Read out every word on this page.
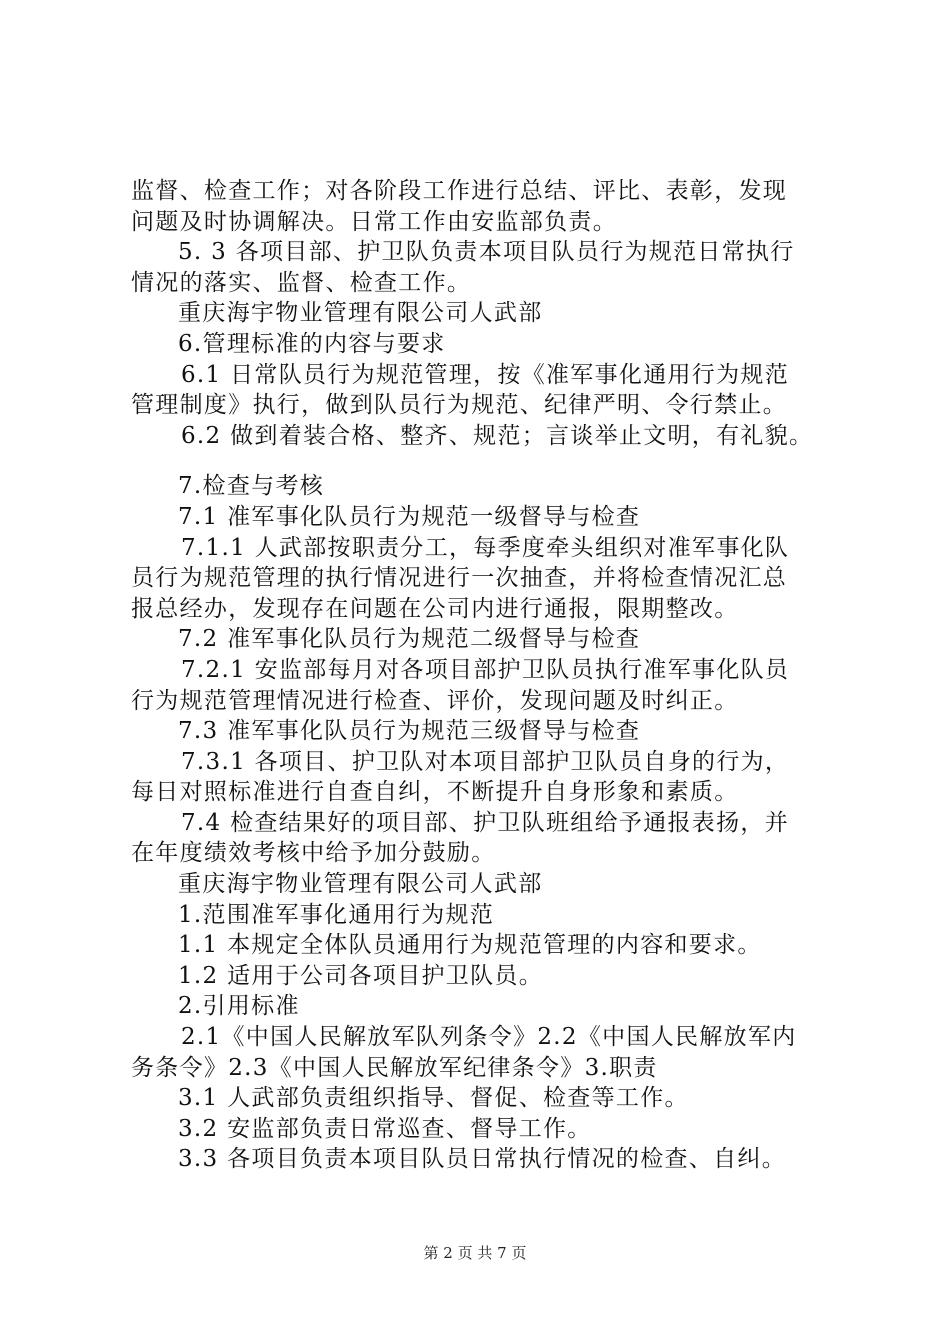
监督、检查工作；对各阶段工作进行总结、评比、表彰，发现
问题及时协调解决。日常工作由安监部负责。
5. 3 各项目部、护卫队负责本项目队员行为规范日常执行
情况的落实、监督、检查工作。
重庆海宇物业管理有限公司人武部
6.管理标准的内容与要求
6.1 日常队员行为规范管理，按《准军事化通用行为规范
管理制度》执行，做到队员行为规范、纪律严明、令行禁止。
6.2 做到着装合格、整齐、规范；言谈举止文明，有礼貌。
7.检查与考核
7.1 准军事化队员行为规范一级督导与检查
7.1.1 人武部按职责分工，每季度牵头组织对准军事化队
员行为规范管理的执行情况进行一次抽查，并将检查情况汇总
报总经办，发现存在问题在公司内进行通报，限期整改。
7.2 准军事化队员行为规范二级督导与检查
7.2.1 安监部每月对各项目部护卫队员执行准军事化队员
行为规范管理情况进行检查、评价，发现问题及时纠正。
7.3 准军事化队员行为规范三级督导与检查
7.3.1 各项目、护卫队对本项目部护卫队员自身的行为，
每日对照标准进行自查自纠，不断提升自身形象和素质。
7.4 检查结果好的项目部、护卫队班组给予通报表扬，并
在年度绩效考核中给予加分鼓励。
重庆海宇物业管理有限公司人武部
1.范围准军事化通用行为规范
1.1 本规定全体队员通用行为规范管理的内容和要求。
1.2 适用于公司各项目护卫队员。
2.引用标准
2.1《中国人民解放军队列条令》2.2《中国人民解放军内
务条令》2.3《中国人民解放军纪律条令》3.职责
3.1 人武部负责组织指导、督促、检查等工作。
3.2 安监部负责日常巡查、督导工作。
3.3 各项目负责本项目队员日常执行情况的检查、自纠。
第 2 页 共 7 页
